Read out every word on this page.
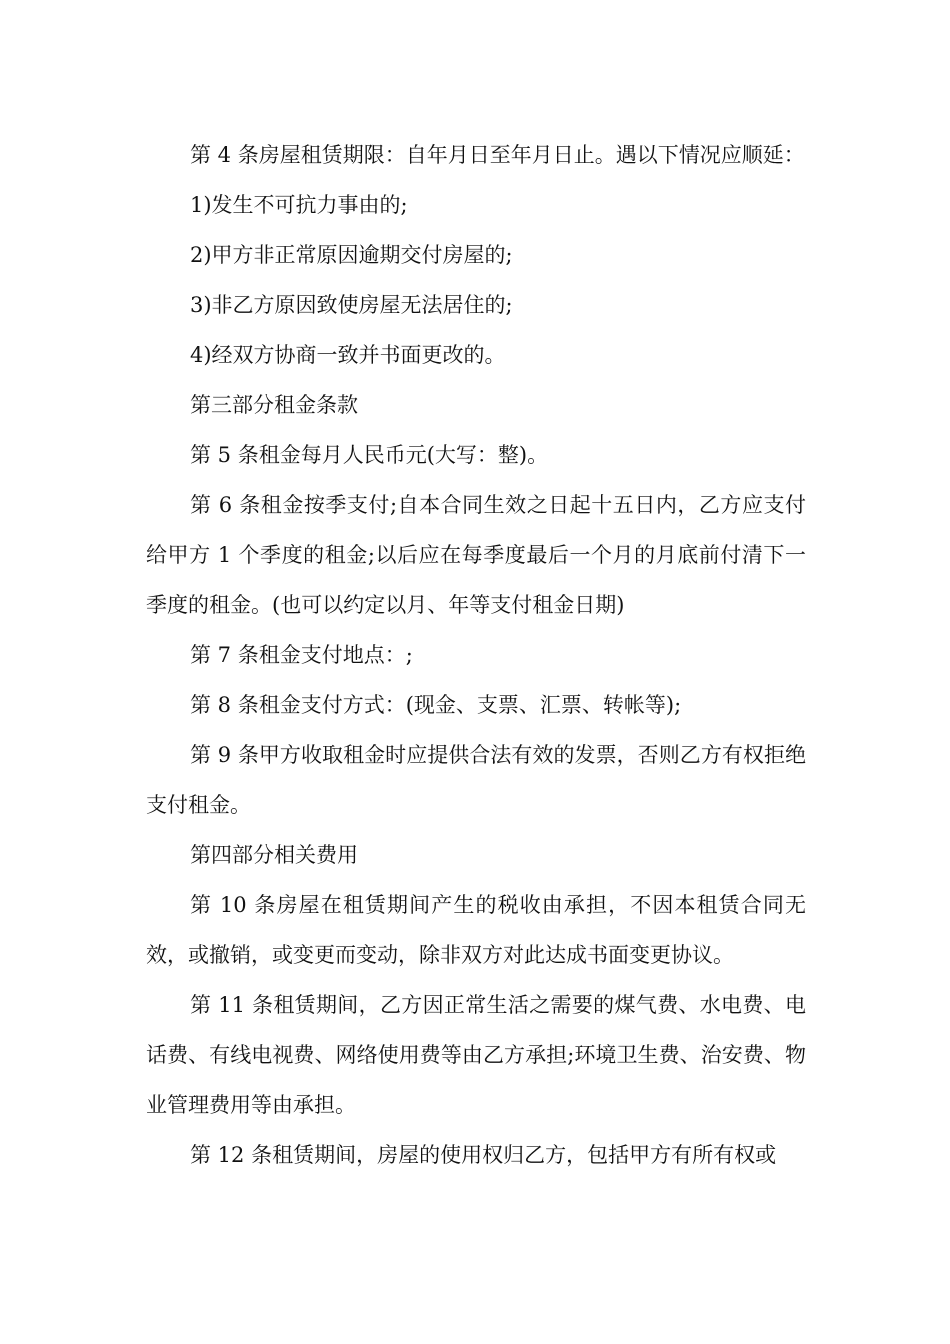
第 4 条房屋租赁期限：自年月日至年月日止。遇以下情况应顺延：

1)发生不可抗力事由的;

2)甲方非正常原因逾期交付房屋的;

3)非乙方原因致使房屋无法居住的;

4)经双方协商一致并书面更改的。

第三部分租金条款

第 5 条租金每月人民币元(大写：整)。

第 6 条租金按季支付;自本合同生效之日起十五日内，乙方应支付给甲方 1 个季度的租金;以后应在每季度最后一个月的月底前付清下一季度的租金。(也可以约定以月、年等支付租金日期)

第 7 条租金支付地点：;

第 8 条租金支付方式：(现金、支票、汇票、转帐等);

第 9 条甲方收取租金时应提供合法有效的发票，否则乙方有权拒绝支付租金。

第四部分相关费用

第 10 条房屋在租赁期间产生的税收由承担，不因本租赁合同无效，或撤销，或变更而变动，除非双方对此达成书面变更协议。

第 11 条租赁期间，乙方因正常生活之需要的煤气费、水电费、电话费、有线电视费、网络使用费等由乙方承担;环境卫生费、治安费、物业管理费用等由承担。

第 12 条租赁期间，房屋的使用权归乙方，包括甲方有所有权或
